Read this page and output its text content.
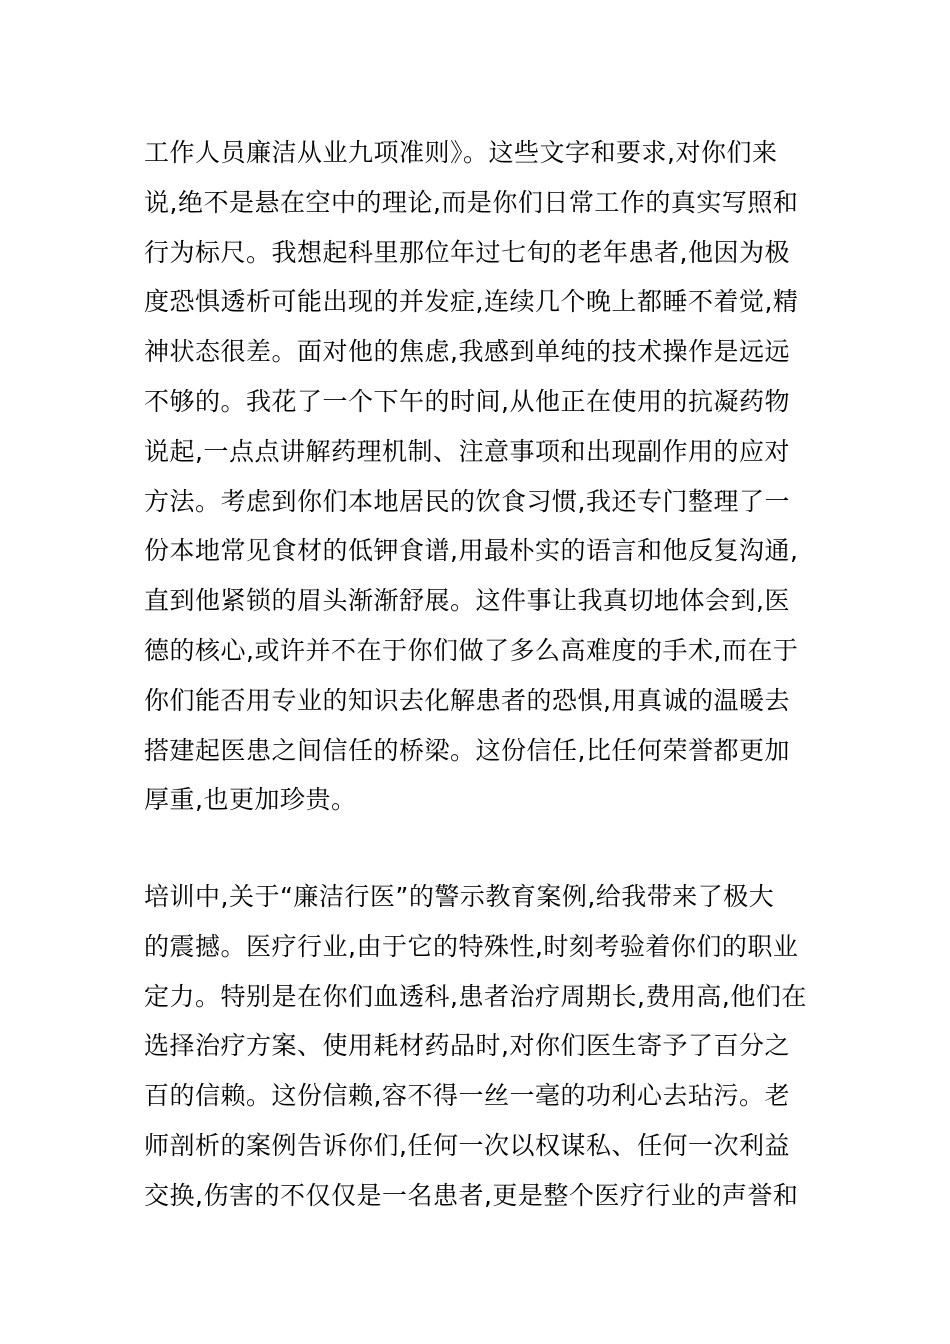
工作人员廉洁从业九项准则》。这些文字和要求,对你们来
说,绝不是悬在空中的理论,而是你们日常工作的真实写照和
行为标尺。我想起科里那位年过七旬的老年患者,他因为极
度恐惧透析可能出现的并发症,连续几个晚上都睡不着觉,精
神状态很差。面对他的焦虑,我感到单纯的技术操作是远远
不够的。我花了一个下午的时间,从他正在使用的抗凝药物
说起,一点点讲解药理机制、注意事项和出现副作用的应对
方法。考虑到你们本地居民的饮食习惯,我还专门整理了一
份本地常见食材的低钾食谱,用最朴实的语言和他反复沟通,
直到他紧锁的眉头渐渐舒展。这件事让我真切地体会到,医
德的核心,或许并不在于你们做了多么高难度的手术,而在于
你们能否用专业的知识去化解患者的恐惧,用真诚的温暖去
搭建起医患之间信任的桥梁。这份信任,比任何荣誉都更加
厚重,也更加珍贵。
培训中,关于“廉洁行医”的警示教育案例,给我带来了极大
的震撼。医疗行业,由于它的特殊性,时刻考验着你们的职业
定力。特别是在你们血透科,患者治疗周期长,费用高,他们在
选择治疗方案、使用耗材药品时,对你们医生寄予了百分之
百的信赖。这份信赖,容不得一丝一毫的功利心去玷污。老
师剖析的案例告诉你们,任何一次以权谋私、任何一次利益
交换,伤害的不仅仅是一名患者,更是整个医疗行业的声誉和
